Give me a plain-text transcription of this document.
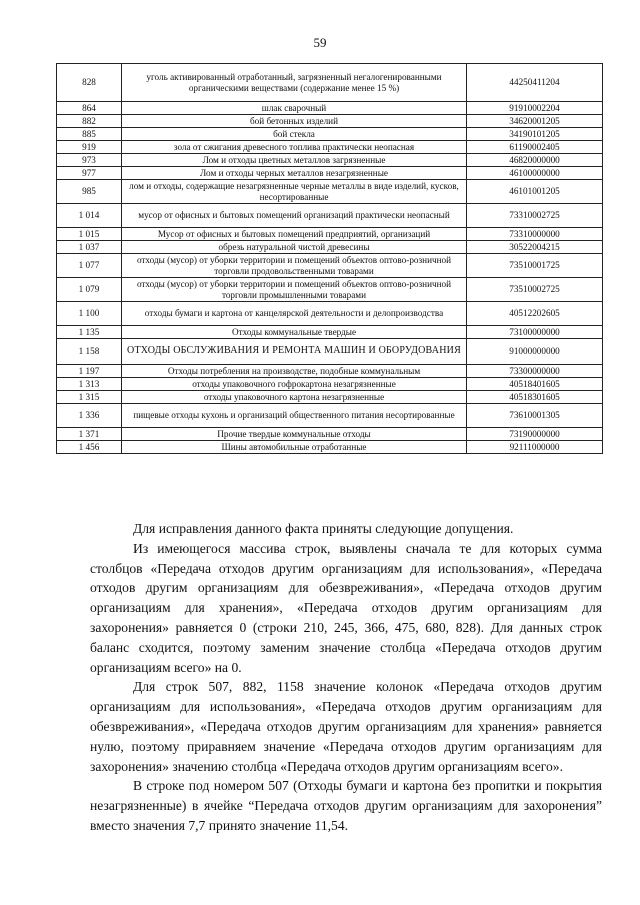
59
828	уголь активированный отработанный, загрязненный негалогенированными органическими веществами (содержание менее 15 %)	44250411204
864	шлак сварочный	91910002204
882	бой бетонных изделий	34620001205
885	бой стекла	34190101205
919	зола от сжигания древесного топлива практически неопасная	61190002405
973	Лом и отходы цветных металлов загрязненные	46820000000
977	Лом и отходы черных металлов незагрязненные	46100000000
985	лом и отходы, содержащие незагрязненные черные металлы в виде изделий, кусков, несортированные	46101001205
1 014	мусор от офисных и бытовых помещений организаций практически неопасный	73310002725
1 015	Мусор от офисных и бытовых помещений предприятий, организаций	73310000000
1 037	обрезь натуральной чистой древесины	30522004215
1 077	отходы (мусор) от уборки территории и помещений объектов оптово-розничной торговли продовольственными товарами	73510001725
1 079	отходы (мусор) от уборки территории и помещений объектов оптово-розничной торговли промышленными товарами	73510002725
1 100	отходы бумаги и картона от канцелярской деятельности и делопроизводства	40512202605
1 135	Отходы коммунальные твердые	73100000000
1 158	ОТХОДЫ ОБСЛУЖИВАНИЯ И РЕМОНТА МАШИН И ОБОРУДОВАНИЯ	91000000000
1 197	Отходы потребления на производстве, подобные коммунальным	73300000000
1 313	отходы упаковочного гофрокартона незагрязненные	40518401605
1 315	отходы упаковочного картона незагрязненные	40518301605
1 336	пищевые отходы кухонь и организаций общественного питания несортированные	73610001305
1 371	Прочие твердые коммунальные отходы	73190000000
1 456	Шины автомобильные отработанные	92111000000

Для исправления данного факта приняты следующие допущения.

Из имеющегося массива строк, выявлены сначала те для которых сумма столбцов «Передача отходов другим организациям для использования», «Передача отходов другим организациям для обезвреживания», «Передача отходов другим организациям для хранения», «Передача отходов другим организациям для захоронения» равняется 0 (строки 210, 245, 366, 475, 680, 828). Для данных строк баланс сходится, поэтому заменим значение столбца «Передача отходов другим организациям всего» на 0.

Для строк 507, 882, 1158 значение колонок «Передача отходов другим организациям для использования», «Передача отходов другим организациям для обезвреживания», «Передача отходов другим организациям для хранения» равняется нулю, поэтому приравняем значение «Передача отходов другим организациям для захоронения» значению столбца «Передача отходов другим организациям всего».

В строке под номером 507 (Отходы бумаги и картона без пропитки и покрытия незагрязненные) в ячейке “Передача отходов другим организациям для захоронения” вместо значения 7,7 принято значение 11,54.
